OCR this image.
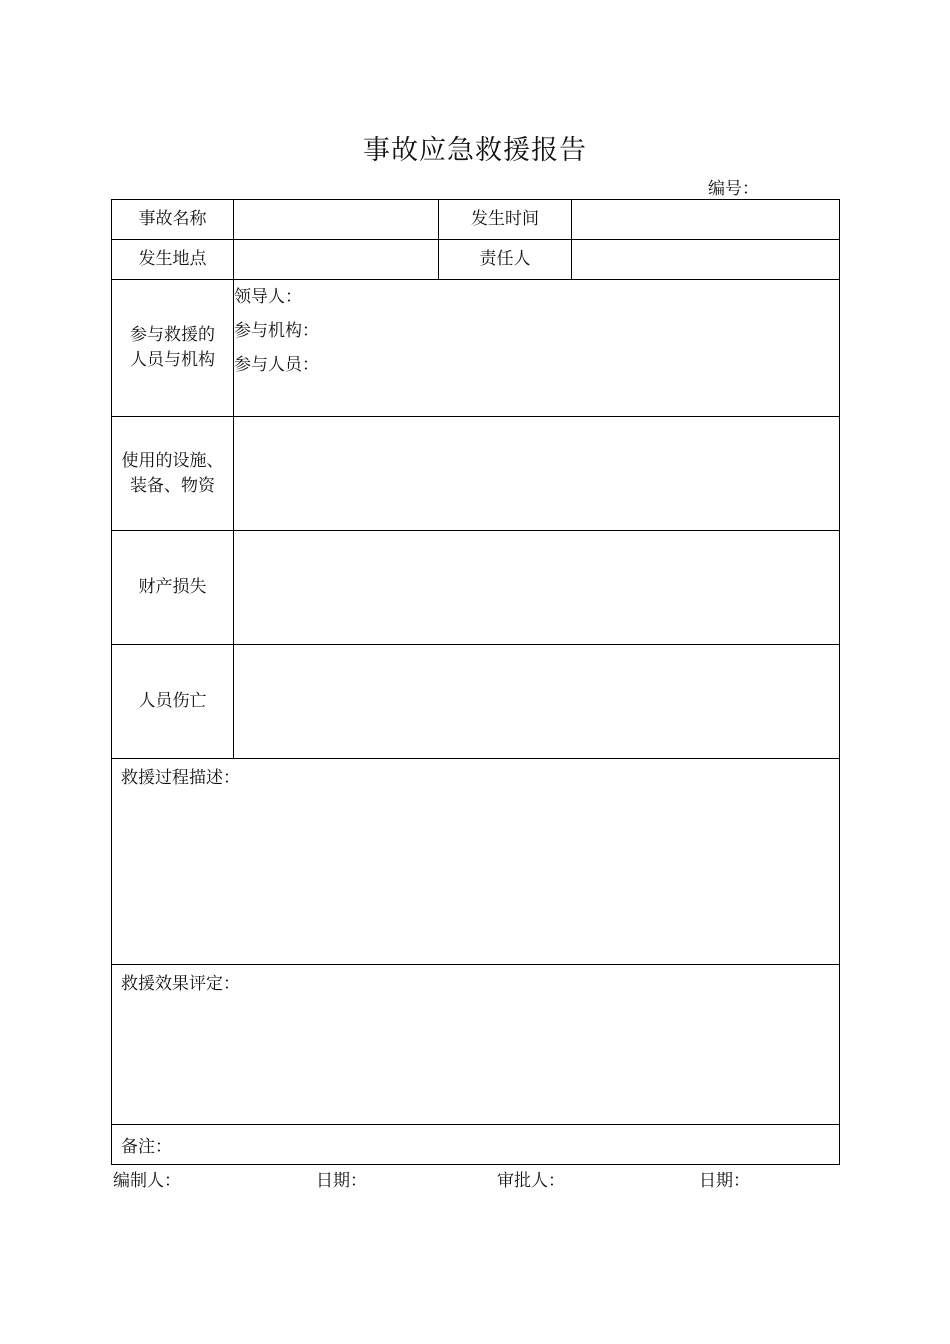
事故应急救援报告
编号：
事故名称		发生时间	
发生地点		责任人	
参与救援的人员与机构	领导人：
参与机构：
参与人员：		

使用的设施、装备、物资			
财产损失			
人员伤亡			
救援过程描述：			
救援效果评定：			
备注：			
编制人：	日期：	审批人：	日期：
